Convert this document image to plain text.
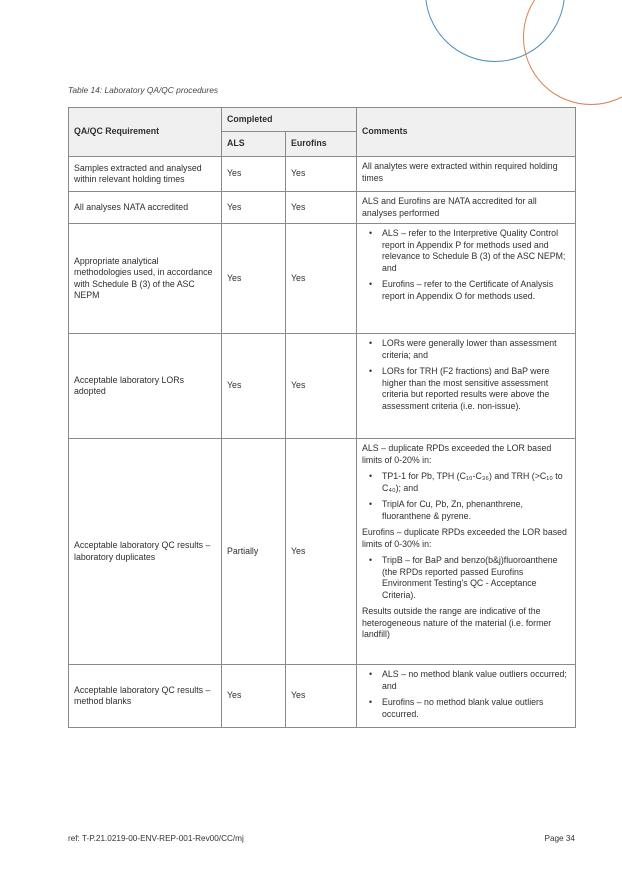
Table 14: Laboratory QA/QC procedures
QA/QC Requirement	Completed		Comments
	ALS	Eurofins	
Samples extracted and analysed within relevant holding times	Yes	Yes	All analytes were extracted within required holding times

All analyses NATA accredited	Yes	Yes	ALS and Eurofins are NATA accredited for all analyses performed

Appropriate analytical methodologies used, in accordance with Schedule B (3) of the ASC NEPM	Yes	Yes	• ALS – refer to the Interpretive Quality Control report in Appendix P for methods used and relevance to Schedule B (3) of the ASC NEPM; and
• Eurofins – refer to the Certificate of Analysis report in Appendix O for methods used.

Acceptable laboratory LORs adopted	Yes	Yes	• LORs were generally lower than assessment criteria; and
• LORs for TRH (F2 fractions) and BaP were higher than the most sensitive assessment criteria but reported results were above the assessment criteria (i.e. non-issue).

Acceptable laboratory QC results – laboratory duplicates	Partially	Yes	
ALS – duplicate RPDs exceeded the LOR based limits of 0-20% in:
• TP1-1 for Pb, TPH (C₁₀-C₃₆) and TRH (>C₁₀ to C₄₀); and
• TriplA for Cu, Pb, Zn, phenanthrene, fluoranthene & pyrene.
Eurofins – duplicate RPDs exceeded the LOR based limits of 0-30% in:
• TripB – for BaP and benzo(b&j)fluoroanthene (the RPDs reported passed Eurofins Environment Testing's QC - Acceptance Criteria).
Results outside the range are indicative of the heterogeneous nature of the material (i.e. former landfill)

Acceptable laboratory QC results – method blanks	Yes	Yes	• ALS – no method blank value outliers occurred; and
• Eurofins – no method blank value outliers occurred.
ref: T-P.21.0219-00-ENV-REP-001-Rev00/CC/mj	Page 34
